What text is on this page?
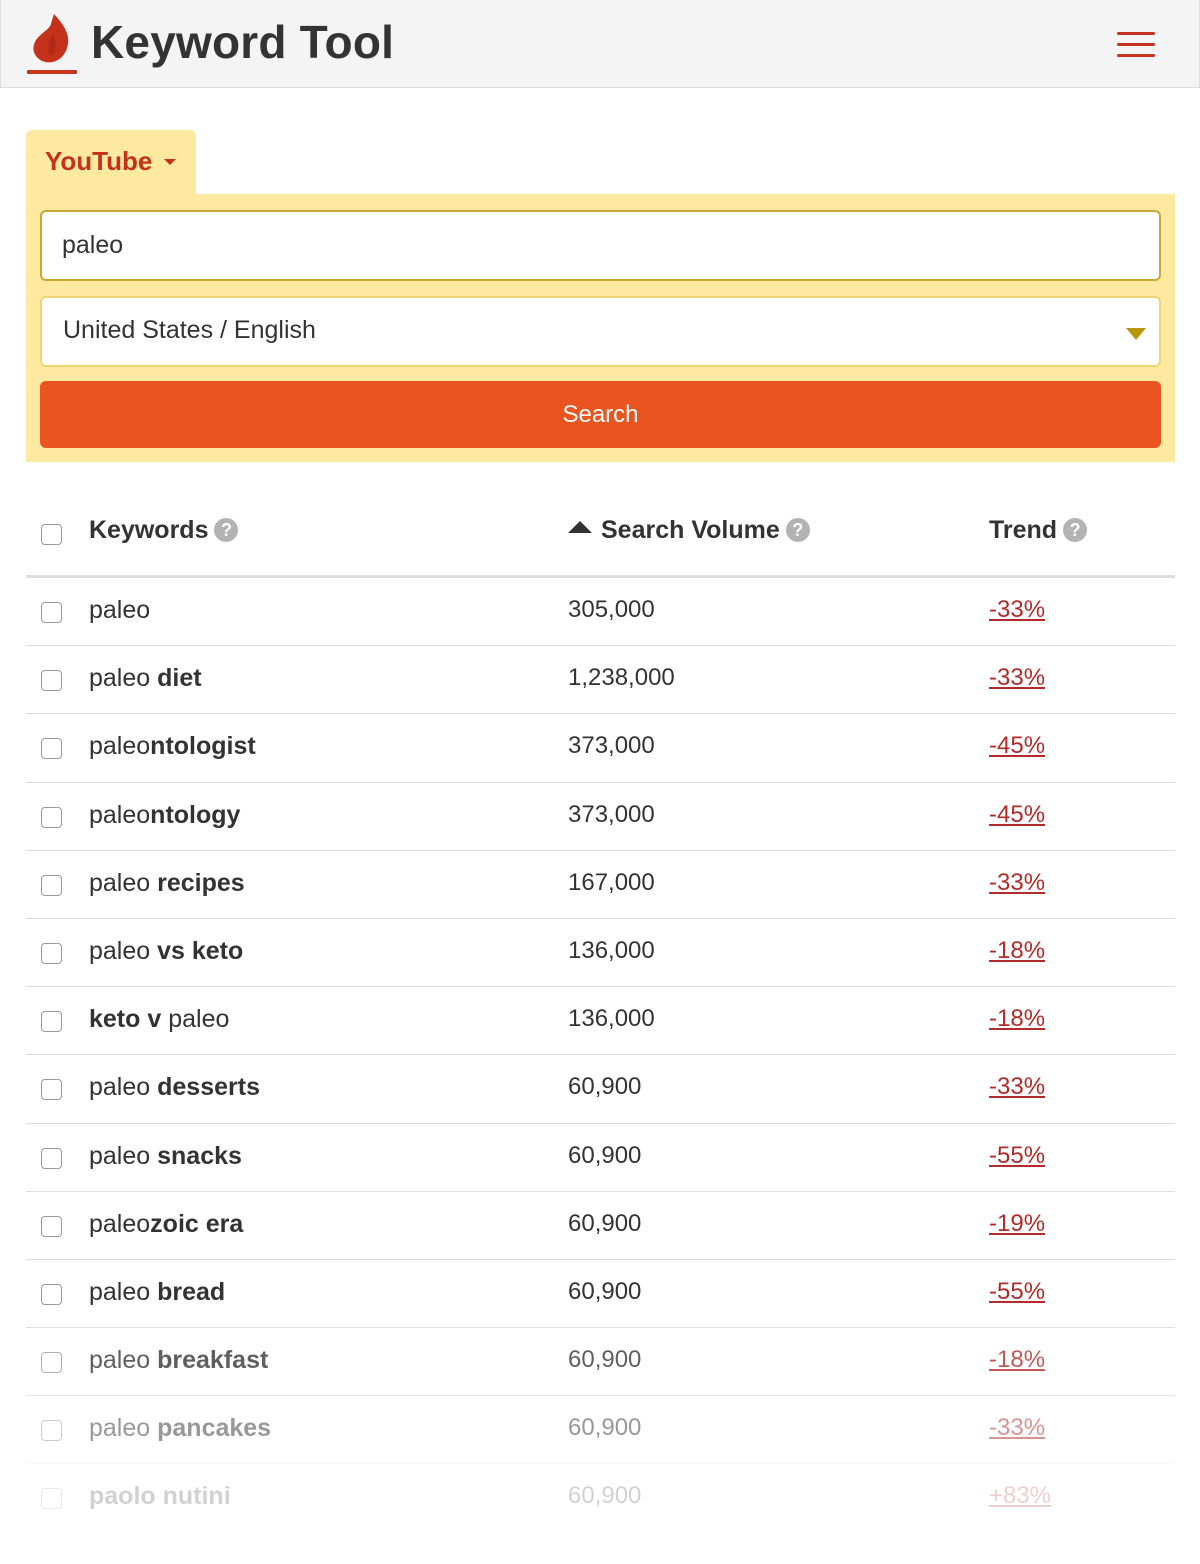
Keyword Tool
YouTube
paleo
United States / English
Search
Keywords ?	Search Volume ?	Trend ?
paleo	305,000	-33%
paleo diet	1,238,000	-33%
paleontologist	373,000	-45%
paleontology	373,000	-45%
paleo recipes	167,000	-33%
paleo vs keto	136,000	-18%
keto v paleo	136,000	-18%
paleo desserts	60,900	-33%
paleo snacks	60,900	-55%
paleozoic era	60,900	-19%
paleo bread	60,900	-55%
paleo breakfast	60,900	-18%
paleo pancakes	60,900	-33%
paolo nutini	60,900	+83%
